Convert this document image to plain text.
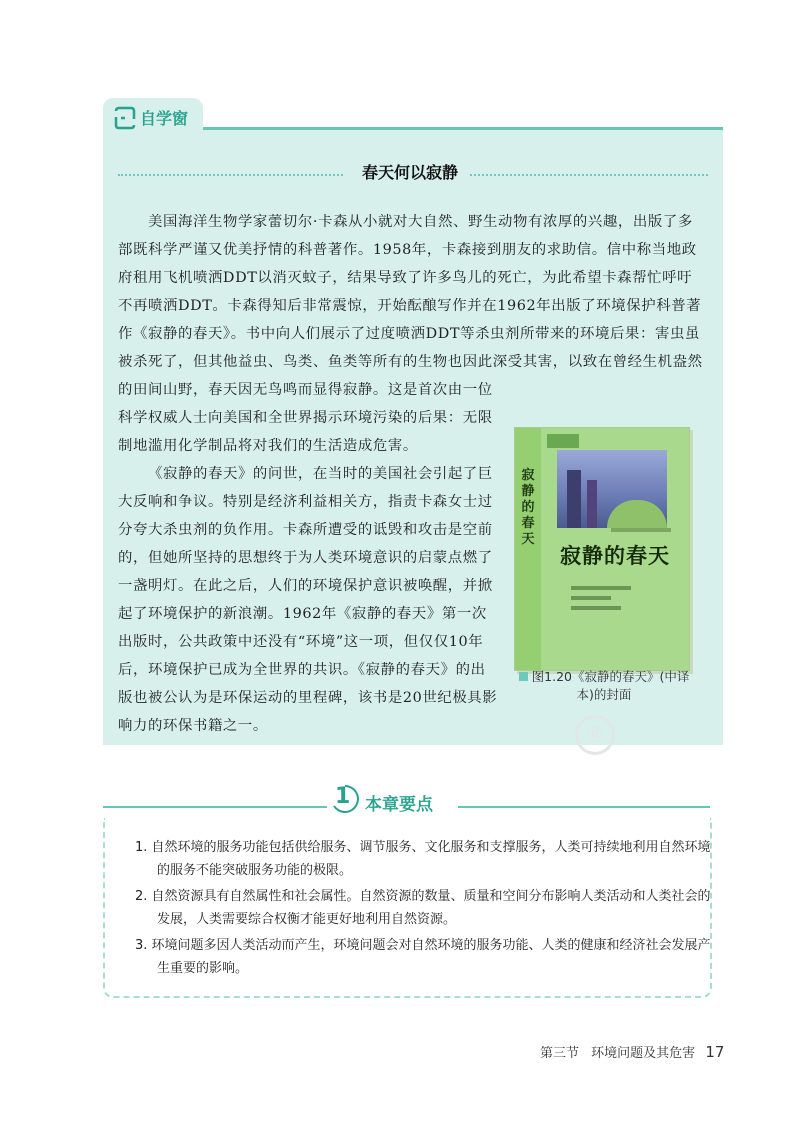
自学窗
春天何以寂静

美国海洋生物学家蕾切尔·卡森从小就对大自然、野生动物有浓厚的兴趣，出版了多部既科学严谨又优美抒情的科普著作。1958年，卡森接到朋友的求助信。信中称当地政府租用飞机喷洒DDT以消灭蚊子，结果导致了许多鸟儿的死亡，为此希望卡森帮忙呼吁不再喷洒DDT。卡森得知后非常震惊，开始酝酿写作并在1962年出版了环境保护科普著作《寂静的春天》。书中向人们展示了过度喷洒DDT等杀虫剂所带来的环境后果：害虫虽被杀死了，但其他益虫、鸟类、鱼类等所有的生物也因此深受其害，以致在曾经生机盎然的田间山野，春天因无鸟鸣而显得寂静。这是首次由一位

科学权威人士向美国和全世界揭示环境污染的后果：无限制地滥用化学制品将对我们的生活造成危害。

《寂静的春天》的问世，在当时的美国社会引起了巨大反响和争议。特别是经济利益相关方，指责卡森女士过分夸大杀虫剂的负作用。卡森所遭受的诋毁和攻击是空前的，但她所坚持的思想终于为人类环境意识的启蒙点燃了一盏明灯。在此之后，人们的环境保护意识被唤醒，并掀起了环境保护的新浪潮。1962年《寂静的春天》第一次出版时，公共政策中还没有“环境”这一项，但仅仅10年后，环境保护已成为全世界的共识。《寂静的春天》的出版也被公认为是环保运动的里程碑，该书是20世纪极具影响力的环保书籍之一。

寂静的春天
寂静的春天
图1.20《寂静的春天》(中译本)的封面
®
1 本章要点
1. 自然环境的服务功能包括供给服务、调节服务、文化服务和支撑服务，人类可持续地利用自然环境的服务不能突破服务功能的极限。
2. 自然资源具有自然属性和社会属性。自然资源的数量、质量和空间分布影响人类活动和人类社会的发展，人类需要综合权衡才能更好地利用自然资源。
3. 环境问题多因人类活动而产生，环境问题会对自然环境的服务功能、人类的健康和经济社会发展产生重要的影响。
第三节 环境问题及其危害 17
